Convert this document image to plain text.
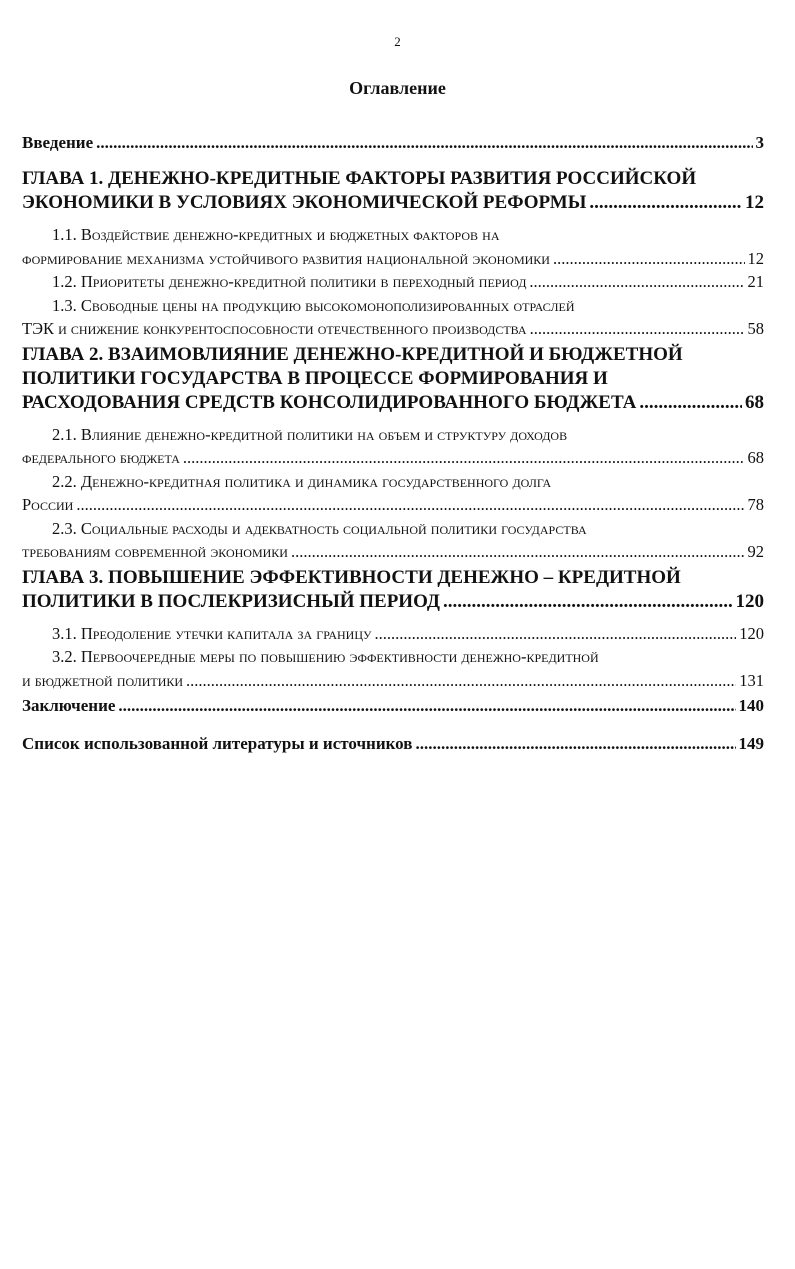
2
Оглавление
Введение .....	3
ГЛАВА 1. ДЕНЕЖНО-КРЕДИТНЫЕ ФАКТОРЫ РАЗВИТИЯ РОССИЙСКОЙ
ЭКОНОМИКИ В УСЛОВИЯХ ЭКОНОМИЧЕСКОЙ РЕФОРМЫ .....	12
1.1. Воздействие денежно-кредитных и бюджетных факторов на
формирование механизма устойчивого развития национальной экономики .....	12
1.2. Приоритеты денежно-кредитной политики в переходный период .....	21
1.3. Свободные цены на продукцию высокомонополизированных отраслей
ТЭК и снижение конкурентоспособности отечественного производства .....	58
ГЛАВА 2. ВЗАИМОВЛИЯНИЕ ДЕНЕЖНО-КРЕДИТНОЙ И БЮДЖЕТНОЙ
ПОЛИТИКИ ГОСУДАРСТВА В ПРОЦЕССЕ ФОРМИРОВАНИЯ И
РАСХОДОВАНИЯ СРЕДСТВ КОНСОЛИДИРОВАННОГО БЮДЖЕТА .....	68
2.1. Влияние денежно-кредитной политики на объем и структуру доходов
федерального бюджета .....	68
2.2. Денежно-кредитная политика и динамика государственного долга
России .....	78
2.3. Социальные расходы и адекватность социальной политики государства
требованиям современной экономики .....	92
ГЛАВА 3. ПОВЫШЕНИЕ ЭФФЕКТИВНОСТИ ДЕНЕЖНО – КРЕДИТНОЙ
ПОЛИТИКИ В ПОСЛЕКРИЗИСНЫЙ ПЕРИОД .....	120
3.1. Преодоление утечки капитала за границу .....	120
3.2. Первоочередные меры по повышению эффективности денежно-кредитной
и бюджетной политики .....	131
Заключение .....	140
Список использованной литературы и источников .....	149
